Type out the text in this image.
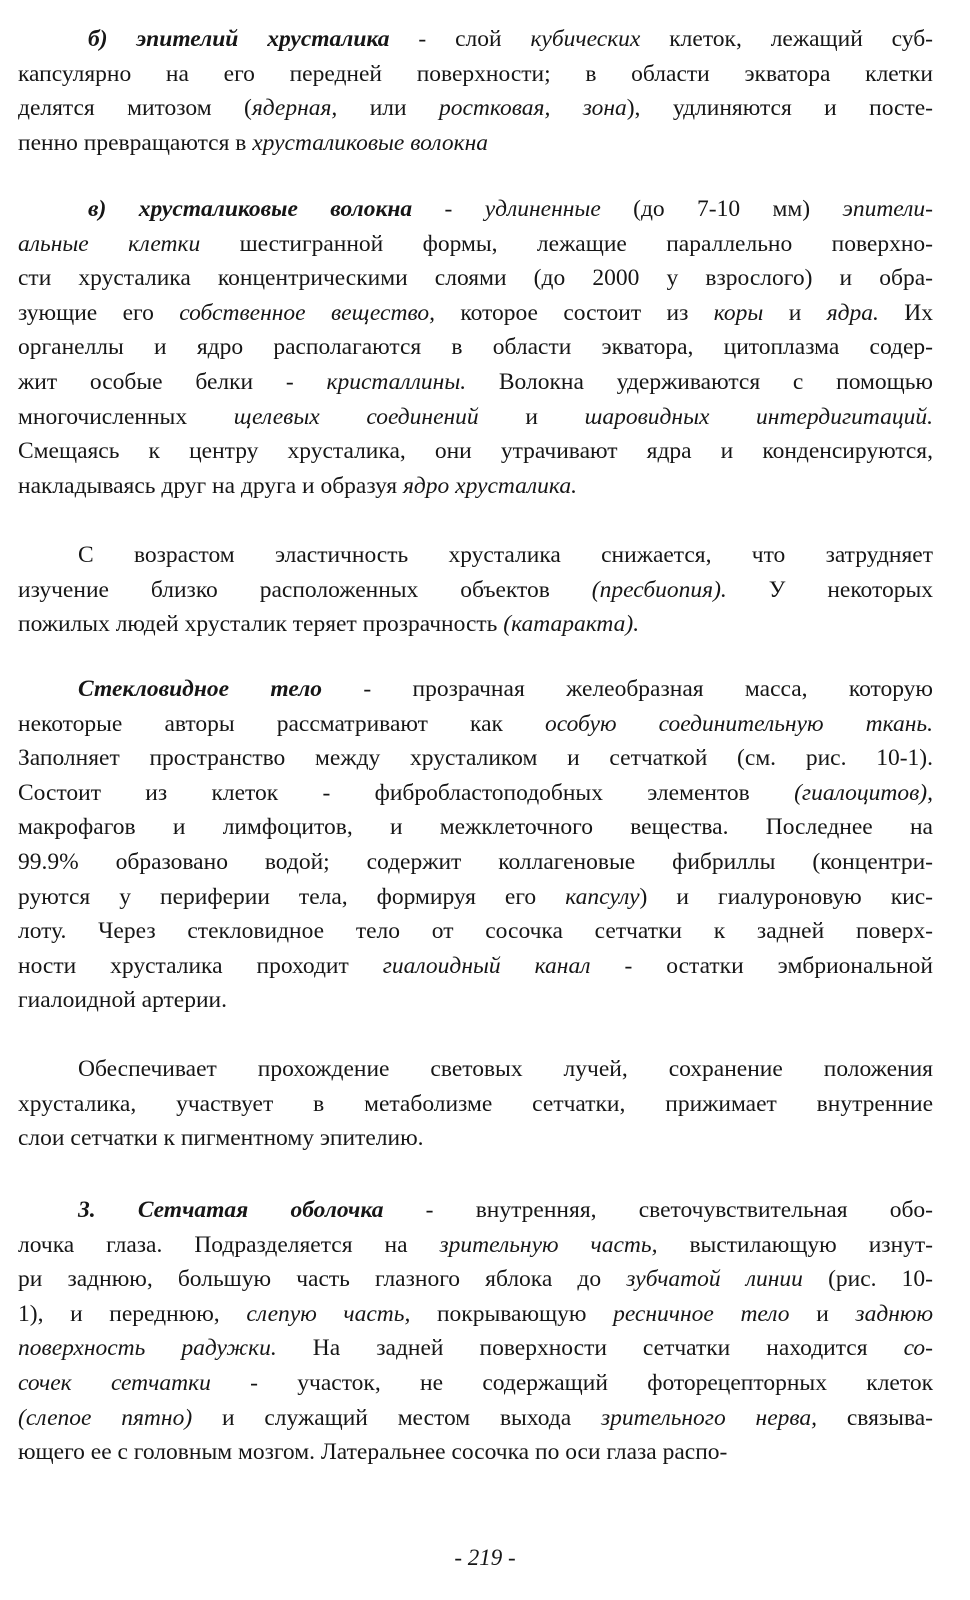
б) эпителий хрусталика - слой кубических клеток, лежащий суб-
капсулярно на его передней поверхности; в области экватора клетки
делятся митозом (ядерная, или ростковая, зона), удлиняются и посте-
пенно превращаются в хрусталиковые волокна
в) хрусталиковые волокна - удлиненные (до 7-10 мм) эпители-
альные клетки шестигранной формы, лежащие параллельно поверхно-
сти хрусталика концентрическими слоями (до 2000 у взрослого) и обра-
зующие его собственное вещество, которое состоит из коры и ядра. Их
органеллы и ядро располагаются в области экватора, цитоплазма содер-
жит особые белки - кристаллины. Волокна удерживаются с помощью
многочисленных щелевых соединений и шаровидных интердигитаций.
Смещаясь к центру хрусталика, они утрачивают ядра и конденсируются,
накладываясь друг на друга и образуя ядро хрусталика.
С возрастом эластичность хрусталика снижается, что затрудняет
изучение близко расположенных объектов (пресбиопия). У некоторых
пожилых людей хрусталик теряет прозрачность (катаракта).
Стекловидное тело - прозрачная желеобразная масса, которую
некоторые авторы рассматривают как особую соединительную ткань.
Заполняет пространство между хрусталиком и сетчаткой (см. рис. 10-1).
Состоит из клеток - фибробластоподобных элементов (гиалоцитов),
макрофагов и лимфоцитов, и межклеточного вещества. Последнее на
99.9% образовано водой; содержит коллагеновые фибриллы (концентри-
руются у периферии тела, формируя его капсулу) и гиалуроновую кис-
лоту. Через стекловидное тело от сосочка сетчатки к задней поверх-
ности хрусталика проходит гиалоидный канал - остатки эмбриональной
гиалоидной артерии.
Обеспечивает прохождение световых лучей, сохранение положения
хрусталика, участвует в метаболизме сетчатки, прижимает внутренние
слои сетчатки к пигментному эпителию.
3. Сетчатая оболочка - внутренняя, светочувствительная обо-
лочка глаза. Подразделяется на зрительную часть, выстилающую изнут-
ри заднюю, большую часть глазного яблока до зубчатой линии (рис. 10-
1), и переднюю, слепую часть, покрывающую ресничное тело и заднюю
поверхность радужки. На задней поверхности сетчатки находится со-
сочек сетчатки - участок, не содержащий фоторецепторных клеток
(слепое пятно) и служащий местом выхода зрительного нерва, связыва-
ющего ее с головным мозгом. Латеральнее сосочка по оси глаза распо-
- 219 -
